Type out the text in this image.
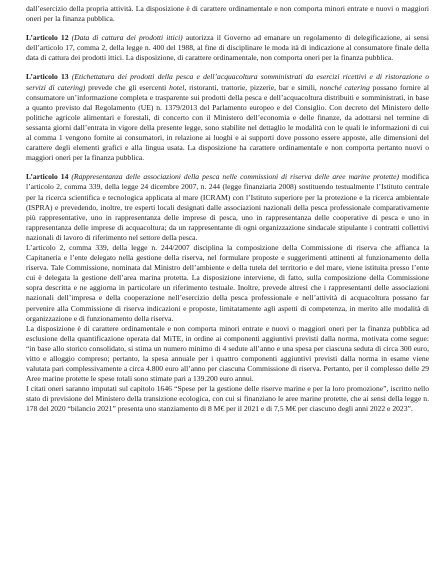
dall’esercizio della propria attività. La disposizione è di carattere ordinamentale e non comporta minori entrate e nuovi o maggiori oneri per la finanza pubblica.

L’articolo 12 (Data di cattura dei prodotti ittici) autorizza il Governo ad emanare un regolamento di delegificazione, ai sensi dell’articolo 17, comma 2, della legge n. 400 del 1988, al fine di disciplinare le moda ità di indicazione al consumatore finale della data di cattura dei prodotti ittici. La disposizione, di carattere ordinamentale, non comporta oneri per la finanza pubblica.

L’articolo 13 (Etichettatura dei prodotti della pesca e dell’acquacoltura somministrati da esercizi ricettivi e di ristorazione o servizi di catering) prevede che gli esercenti hotel, ristoranti, trattorie, pizzerie, bar e simili, nonché catering possano fornire al consumatore un’informazione completa e trasparente sui prodotti della pesca e dell’acquacoltura distribuiti e somministrati, in base a quanto previsto dal Regolamento (UE) n. 1379/2013 del Parlamento europeo e del Consiglio. Con decreto del Ministero delle politiche agricole alimentari e forestali, di concerto con il Ministero dell’economia e delle finanze, da adottarsi nel termine di sessanta giorni dall’entrata in vigore della presente legge, sono stabilite nel dettaglio le modalità con le quali le informazioni di cui al comma 1 vengono fornite ai consumatori, in relazione ai luoghi e ai supporti dove possono essere apposte, alle dimensioni del carattere degli elementi grafici e alla lingua usata. La disposizione ha carattere ordinamentale e non comporta pertanto nuovi o maggiori oneri per la finanza pubblica.

L’articolo 14 (Rappresentanza delle associazioni della pesca nelle commissioni di riserva delle aree marine protette) modifica l’articolo 2, comma 339, della legge 24 dicembre 2007, n. 244 (legge finanziaria 2008) sostituendo testualmente l’Istituto centrale per la ricerca scientifica e tecnologica applicata al mare (ICRAM) con l’Istituto superiore per la protezione e la ricerca ambientale (ISPRA) e prevedendo, inoltre, tre esperti locali designati dalle associazioni nazionali della pesca professionale comparativamente più rappresentative, uno in rappresentanza delle imprese di pesca, uno in rappresentanza delle cooperative di pesca e uno in rappresentanza delle imprese di acquacoltura; da un rappresentante di ogni organizzazione sindacale stipulante i contratti collettivi nazionali di lavoro di riferimento nel settore della pesca.

L’articolo 2, comma 339, della legge n. 244/2007 disciplina la composizione della Commissione di riserva che affianca la Capitaneria e l’ente delegato nella gestione della riserva, nel formulare proposte e suggerimenti attinenti al funzionamento della riserva. Tale Commissione, nominata dal Ministro dell’ambiente e della tutela del territorio e del mare, viene istituita presso l’ente cui è delegata la gestione dell’area marina protetta. La disposizione interviene, di fatto, sulla composizione della Commissione sopra descritta e ne aggiorna in particolare un riferimento testuale. Inoltre, prevede altresì che i rappresentanti delle associazioni nazionali dell’impresa e della cooperazione nell’esercizio della pesca professionale e nell’attività di acquacoltura possano far pervenire alla Commissione di riserva indicazioni e proposte, limitatamente agli aspetti di competenza, in merito alle modalità di organizzazione e di funzionamento della riserva.

La disposizione è di carattere ordinamentale e non comporta minori entrate e nuovi o maggiori oneri per la finanza pubblica ad esclusione della quantificazione operata dal MiTE, in ordine ai componenti aggiuntivi previsti dalla norma, motivata come segue: “in base allo storico consolidato, si stima un numero minimo di 4 sedute all’anno e una spesa per ciascuna seduta di circa 300 euro, vitto e alloggio compreso; pertanto, la spesa annuale per i quattro componenti aggiuntivi previsti dalla norma in esame viene valutata pari complessivamente a circa 4.800 euro all’anno per ciascuna Commissione di riserva. Pertanto, per il complesso delle 29 Aree marine protette le spese totali sono stimate pari a 139.200 euro annui.

I citati oneri saranno imputati sul capitolo 1646 “Spese per la gestione delle riserve marine e per la loro promozione”, iscritto nello stato di previsione del Ministero della transizione ecologica, con cui si finanziano le aree marine protette, che ai sensi della legge n. 178 del 2020 “bilancio 2021” presenta uno stanziamento di 8 M€ per il 2021 e di 7,5 M€ per ciascuno degli anni 2022 e 2023”.
